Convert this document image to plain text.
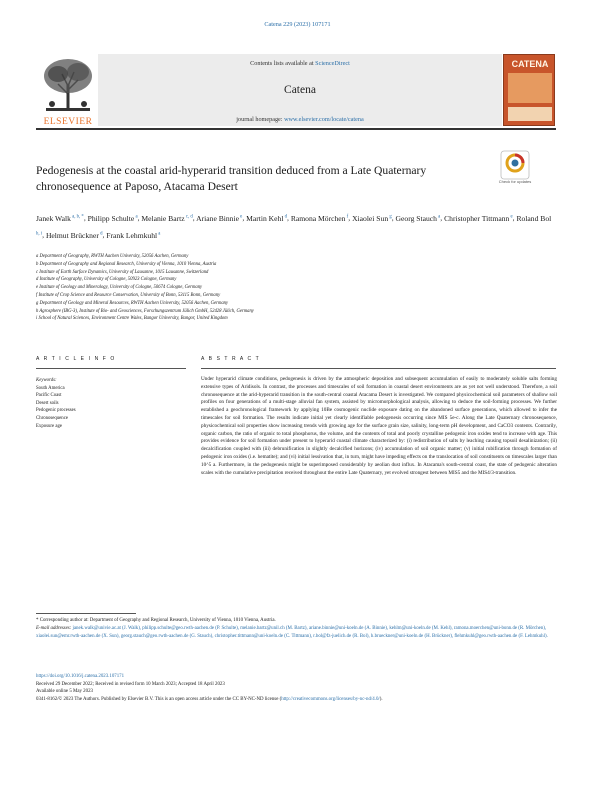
Catena 229 (2023) 107171
ELSEVIER
Contents lists available at ScienceDirect
Catena
journal homepage: www.elsevier.com/locate/catena
CATENA
Pedogenesis at the coastal arid-hyperarid transition deduced from a Late Quaternary chronosequence at Paposo, Atacama Desert	Check for updates
Janek Walk $^{a, b, *}$, Philipp Schulte $^a$, Melanie Bartz $^{c, d}$, Ariane Binnie $^e$, Martin Kehl $^d$, Ramona Mörchen $^f$, Xiaolei Sun $^g$, Georg Stauch $^a$, Christopher Tittmann $^e$, Roland Bol $^{h, i}$, Helmut Brückner $^d$, Frank Lehmkuhl $^a$
a Department of Geography, RWTH Aachen University, 52056 Aachen, Germany
b Department of Geography and Regional Research, University of Vienna, 1010 Vienna, Austria
c Institute of Earth Surface Dynamics, University of Lausanne, 1015 Lausanne, Switzerland
d Institute of Geography, University of Cologne, 50923 Cologne, Germany
e Institute of Geology and Mineralogy, University of Cologne, 50674 Cologne, Germany
f Institute of Crop Science and Resource Conservation, University of Bonn, 53115 Bonn, Germany
g Department of Geology and Mineral Resources, RWTH Aachen University, 52056 Aachen, Germany
h Agrosphere (IBG-3), Institute of Bio- and Geosciences, Forschungszentrum Jülich GmbH, 52428 Jülich, Germany
i School of Natural Sciences, Environment Centre Wales, Bangor University, Bangor, United Kingdom
A R T I C L E I N F O	A B S T R A C T
Keywords:
South America
Pacific Coast
Desert soils
Pedogenic processes
Chronosequence
Exposure age
Under hyperarid climate conditions, pedogenesis is driven by the atmospheric deposition and subsequent accumulation of easily to moderately soluble salts forming extensive types of Aridisols. In contrast, the processes and timescales of soil formation in coastal desert environments are as yet not well understood. Therefore, a soil chronosequence at the arid-hyperarid transition in the south-central coastal Atacama Desert is investigated. We compared physicochemical soil parameters of shallow soil profiles on four generations of a multi-stage alluvial fan system, assisted by micromorphological analysis, allowing to deduce the soil-forming processes. We further established a geochronological framework by applying 10Be cosmogenic nuclide exposure dating on the abandoned surface generations, which allowed to infer the timescales for soil formation. The results indicate initial yet clearly identifiable pedogenesis occurring since MIS 5e-c. Along the Late Quaternary chronosequence, physicochemical soil properties show increasing trends with growing age for the surface grain size, salinity, long-term pH development, and CaCO3 contents. Contrarily, organic carbon, the ratio of organic to total phosphorus, the volume, and the contents of total and poorly crystalline pedogenic iron oxides tend to increase with age. This provides evidence for soil formation under present to hyperarid coastal climate characterized by: (i) redistribution of salts by leaching causing topsoil desalinization; (ii) decalcification coupled with (iii) debrunification in slightly decalcified horizons; (iv) accumulation of soil organic matter; (v) initial rubification through formation of pedogenic iron oxides (i.e. hematite); and (vi) initial lessivation that, in turn, might have impeding effects on the translocation of soil constituents on timescales larger than 10^5 a. Furthermore, in the pedogenesis might be superimposed considerably by aeolian dust influx. In Atacama's south-central coast, the state of pedogenic alteration scales with the cumulative precipitation received throughout the entire Late Quaternary, yet evolved strongest between MIS5 and the MIS4/3-transition.
* Corresponding author at: Department of Geography and Regional Research, University of Vienna, 1010 Vienna, Austria.
E-mail addresses: janek.walk@univie.ac.at (J. Walk), philipp.schulte@geo.rwth-aachen.de (P. Schulte), melanie.bartz@unil.ch (M. Bartz), ariane.binnie@uni-koeln.de (A. Binnie), kehlm@uni-koeln.de (M. Kehl), ramona.moerchen@uni-bonn.de (R. Mörchen), xiaolei.sun@emr.rwth-aachen.de (X. Sun), georg.stauch@geo.rwth-aachen.de (G. Stauch), christopher.tittmann@uni-koeln.de (C. Tittmann), r.bol@fz-juelich.de (R. Bol), h.brueckner@uni-koeln.de (H. Brückner), flehmkuhl@geo.rwth-aachen.de (F. Lehmkuhl).
https://doi.org/10.1016/j.catena.2023.107171
Received 29 December 2022; Received in revised form 10 March 2023; Accepted 18 April 2023
Available online 5 May 2023
0341-8162/© 2023 The Authors. Published by Elsevier B.V. This is an open access article under the CC BY-NC-ND license (http://creativecommons.org/licenses/by-nc-nd/4.0/).
